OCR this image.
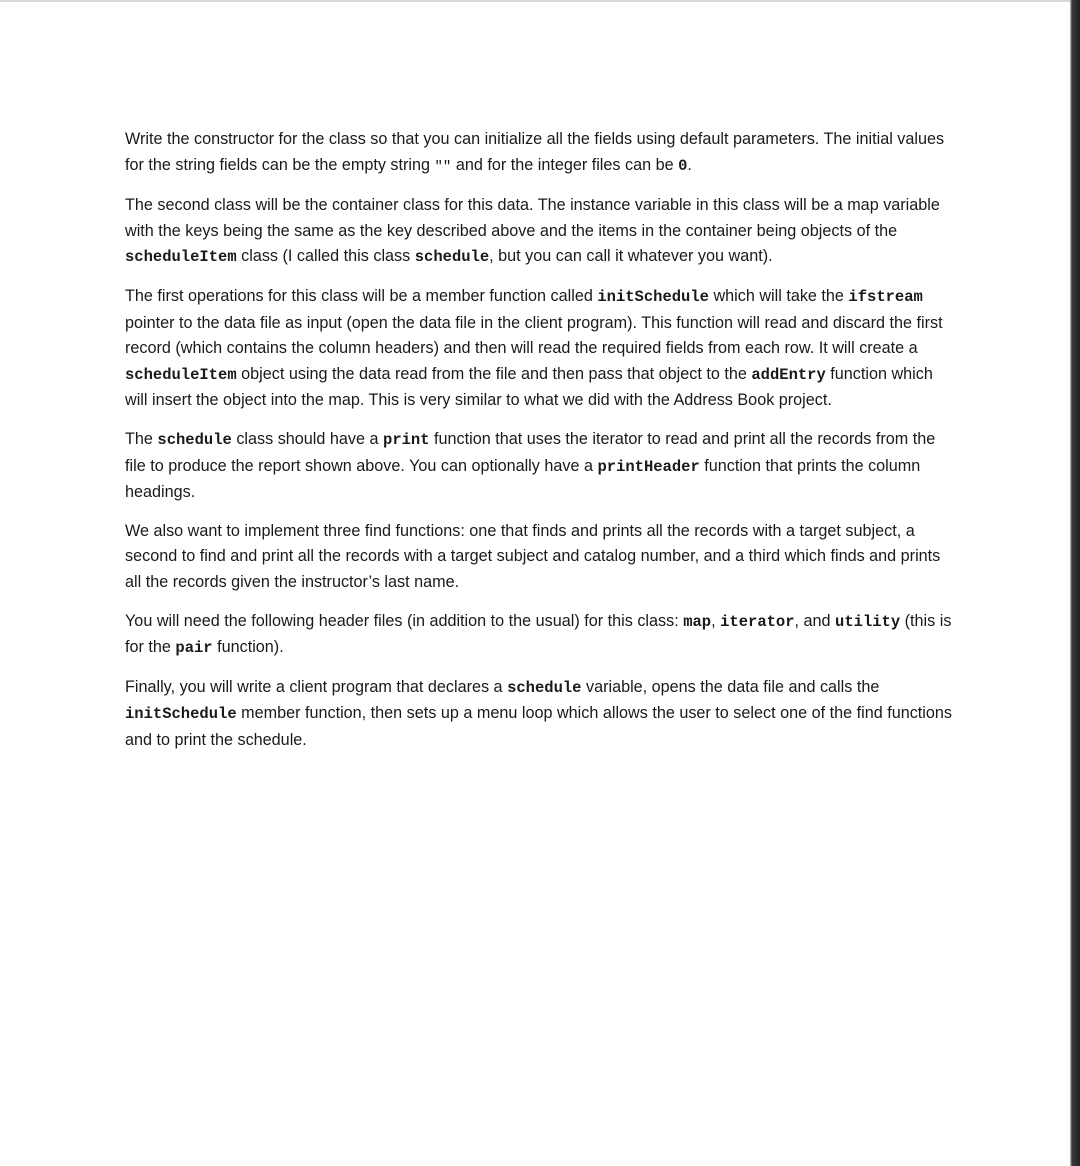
Write the constructor for the class so that you can initialize all the fields using default parameters. The initial values for the string fields can be the empty string "" and for the integer files can be 0.

The second class will be the container class for this data. The instance variable in this class will be a map variable with the keys being the same as the key described above and the items in the container being objects of the scheduleItem class (I called this class schedule, but you can call it whatever you want).

The first operations for this class will be a member function called initSchedule which will take the ifstream pointer to the data file as input (open the data file in the client program). This function will read and discard the first record (which contains the column headers) and then will read the required fields from each row. It will create a scheduleItem object using the data read from the file and then pass that object to the addEntry function which will insert the object into the map. This is very similar to what we did with the Address Book project.

The schedule class should have a print function that uses the iterator to read and print all the records from the file to produce the report shown above. You can optionally have a printHeader function that prints the column headings.

We also want to implement three find functions: one that finds and prints all the records with a target subject, a second to find and print all the records with a target subject and catalog number, and a third which finds and prints all the records given the instructor’s last name.

You will need the following header files (in addition to the usual) for this class: map, iterator, and utility (this is for the pair function).

Finally, you will write a client program that declares a schedule variable, opens the data file and calls the initSchedule member function, then sets up a menu loop which allows the user to select one of the find functions and to print the schedule.
